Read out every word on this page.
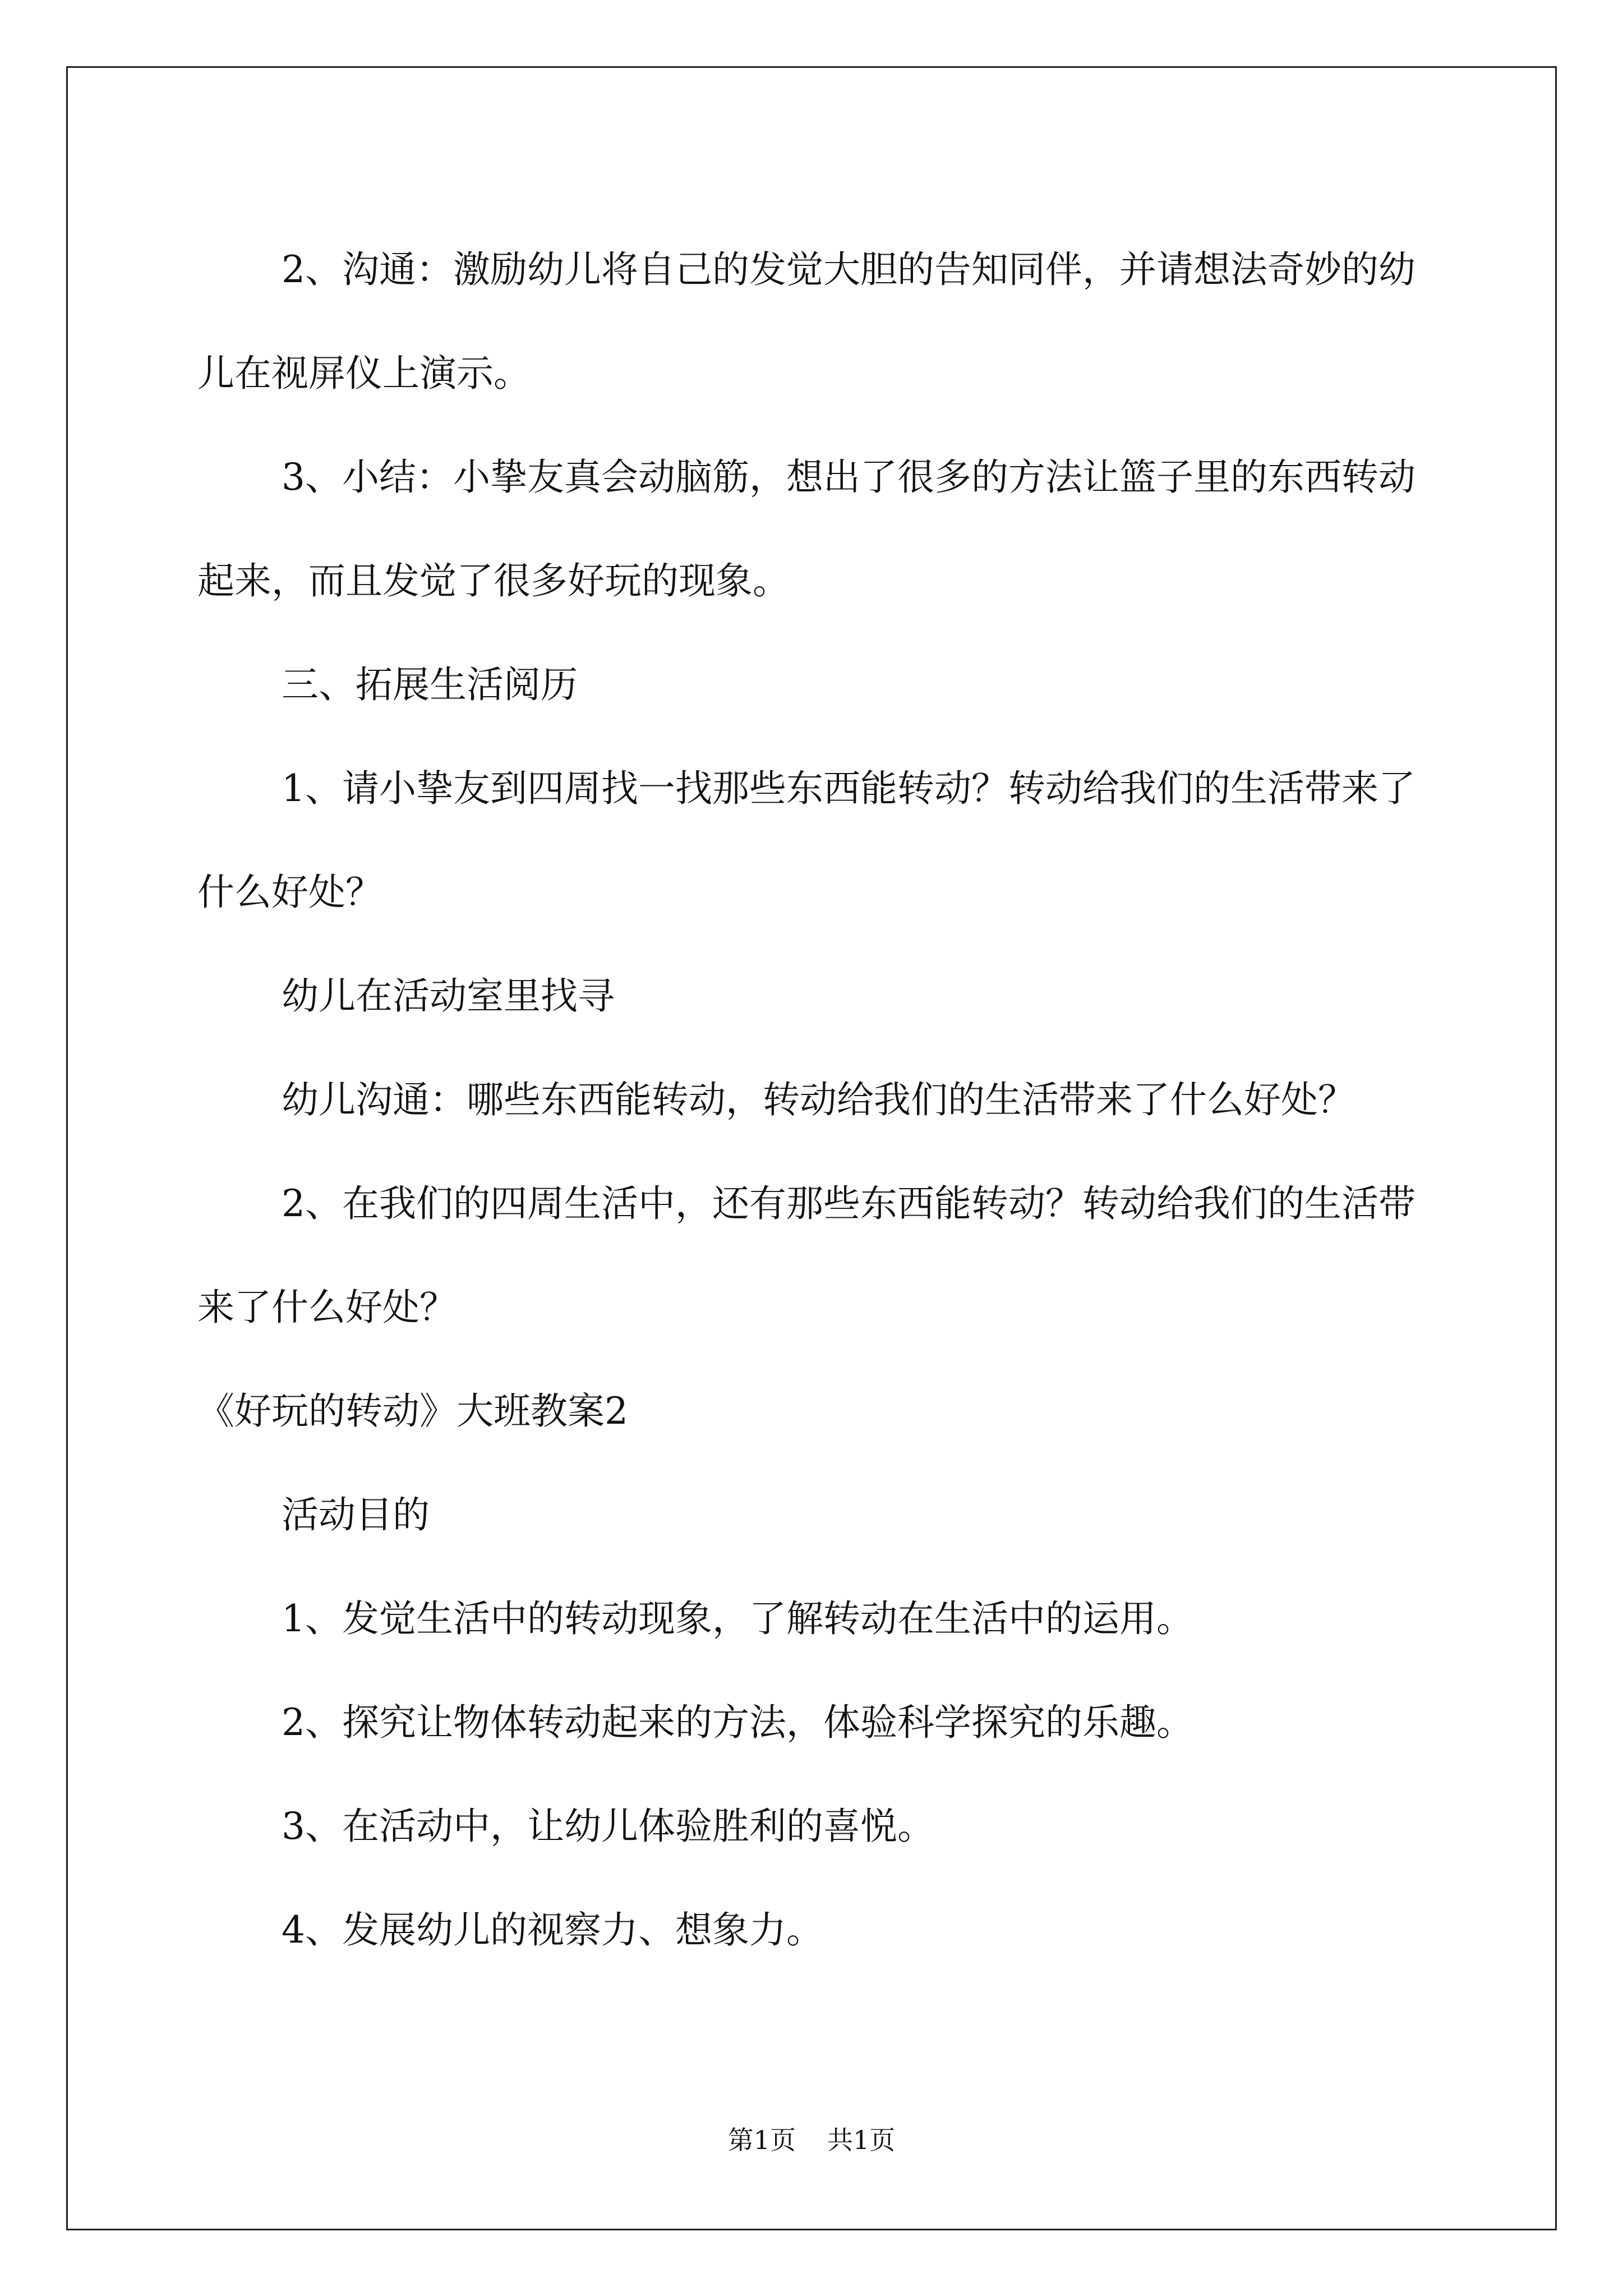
2、沟通：激励幼儿将自己的发觉大胆的告知同伴，并请想法奇妙的幼儿在视屏仪上演示。

3、小结：小挚友真会动脑筋，想出了很多的方法让篮子里的东西转动起来，而且发觉了很多好玩的现象。

三、拓展生活阅历

1、请小挚友到四周找一找那些东西能转动？转动给我们的生活带来了什么好处？

幼儿在活动室里找寻

幼儿沟通：哪些东西能转动，转动给我们的生活带来了什么好处？

2、在我们的四周生活中，还有那些东西能转动？转动给我们的生活带来了什么好处？

《好玩的转动》大班教案2

活动目的

1、发觉生活中的转动现象，了解转动在生活中的运用。

2、探究让物体转动起来的方法，体验科学探究的乐趣。

3、在活动中，让幼儿体验胜利的喜悦。

4、发展幼儿的视察力、想象力。

第1页 共1页
